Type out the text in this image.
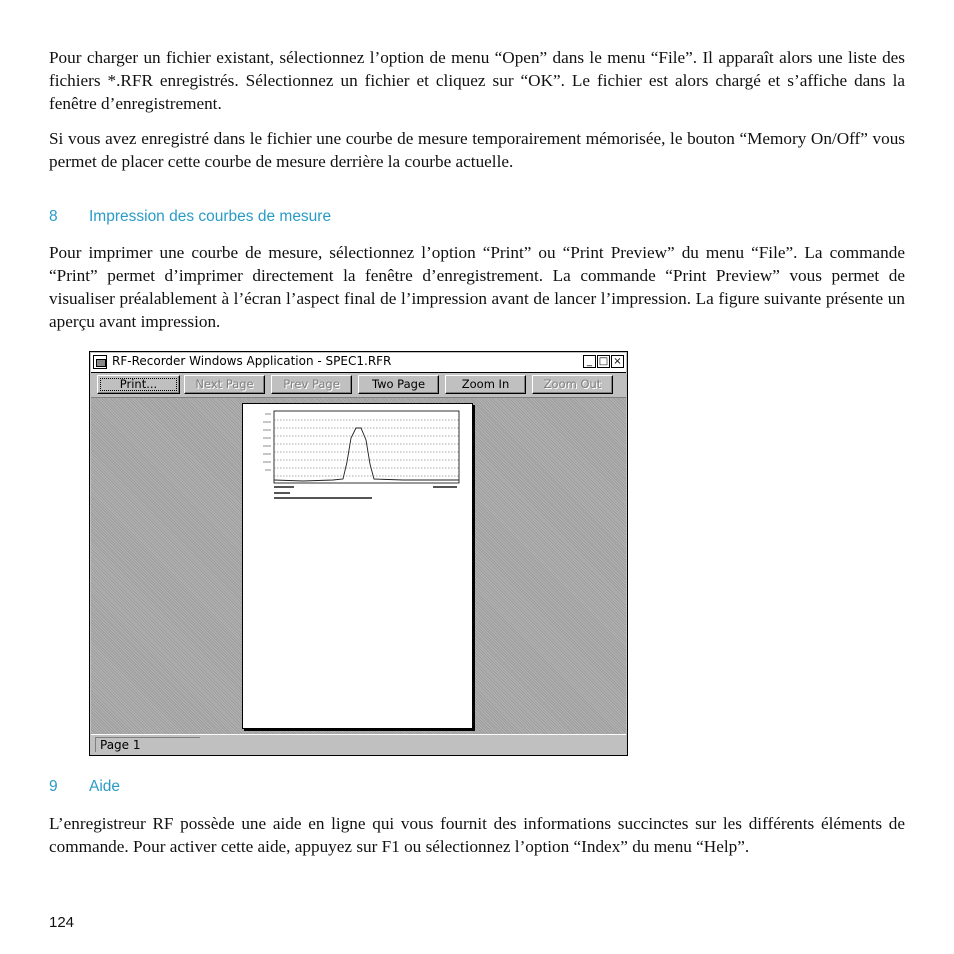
Pour charger un fichier existant, sélectionnez l’option de menu “Open” dans le menu “File”. Il apparaît alors une liste des fichiers *.RFR enregistrés. Sélectionnez un fichier et cliquez sur “OK”. Le fichier est alors chargé et s’affiche dans la fenêtre d’enregistrement.

Si vous avez enregistré dans le fichier une courbe de mesure temporairement mémorisée, le bouton “Memory On/Off” vous permet de placer cette courbe de mesure derrière la courbe actuelle.

8 Impression des courbes de mesure

Pour imprimer une courbe de mesure, sélectionnez l’option “Print” ou “Print Preview” du menu “File”. La commande “Print” permet d’imprimer directement la fenêtre d’enregistrement. La commande “Print Preview” vous permet de visualiser préalablement à l’écran l’aspect final de l’impression avant de lancer l’impression. La figure suivante présente un aperçu avant impression.

RF-Recorder Windows Application - SPEC1.RFR	_ □ ×
Print...	Next Page	Prev Page	Two Page	Zoom In	Zoom Out
Page 1
9 Aide

L’enregistreur RF possède une aide en ligne qui vous fournit des informations succinctes sur les différents éléments de commande. Pour activer cette aide, appuyez sur F1 ou sélectionnez l’option “Index” du menu “Help”.

124
